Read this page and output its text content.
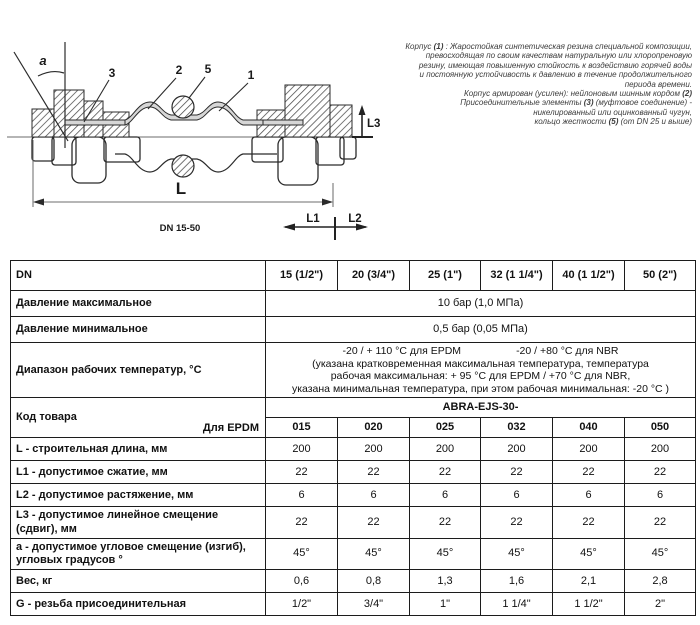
a
3	2 5	1
L
DN 15-50
L1 L2
L3
Корпус (1) : Жаростойкая синтетическая резина специальной композиции,
превосходящая по своим качествам натуральную или хлоропреновую
резину, имеющая повышенную стойкость к воздействию горячей воды
и постоянную устойчивость к давлению в течение продолжительного
периода времени.
Корпус армирован (усилен): нейлоновым шинным кордом (2)
Присоединительные элементы (3) (муфтовое соединение) -
никелированный или оцинкованный чугун,
кольцо жесткости (5) (от DN 25 и выше)
DN	15 (1/2")	20 (3/4")	25 (1")	32 (1 1/4")	40 (1 1/2")	50 (2")
Давление максимальное	10 бар (1,0 МПа)					
Давление минимальное	0,5 бар (0,05 МПа)					
Диапазон рабочих температур, °С	-20 / + 110 °C для EPDM -20 / +80 °C для NBR
(указана кратковременная максимальная температура, температура
рабочая максимальная: + 95 °C для EPDM / +70 °C для NBR,
указана минимальная температура, при этом рабочая минимальная: -20 °C )					

Код товара
Для EPDM	ABRA-EJS-30-					
	015	020	025	032	040	050
L - строительная длина, мм	200	200	200	200	200	200
L1 - допустимое сжатие, мм	22	22	22	22	22	22
L2 - допустимое растяжение, мм	6	6	6	6	6	6
L3 - допустимое линейное смещение (сдвиг), мм	22	22	22	22	22	22
a - допустимое угловое смещение (изгиб), угловых градусов °	45°	45°	45°	45°	45°	45°
Вес, кг	0,6	0,8	1,3	1,6	2,1	2,8
G - резьба присоединительная	1/2"	3/4"	1"	1 1/4"	1 1/2"	2"
